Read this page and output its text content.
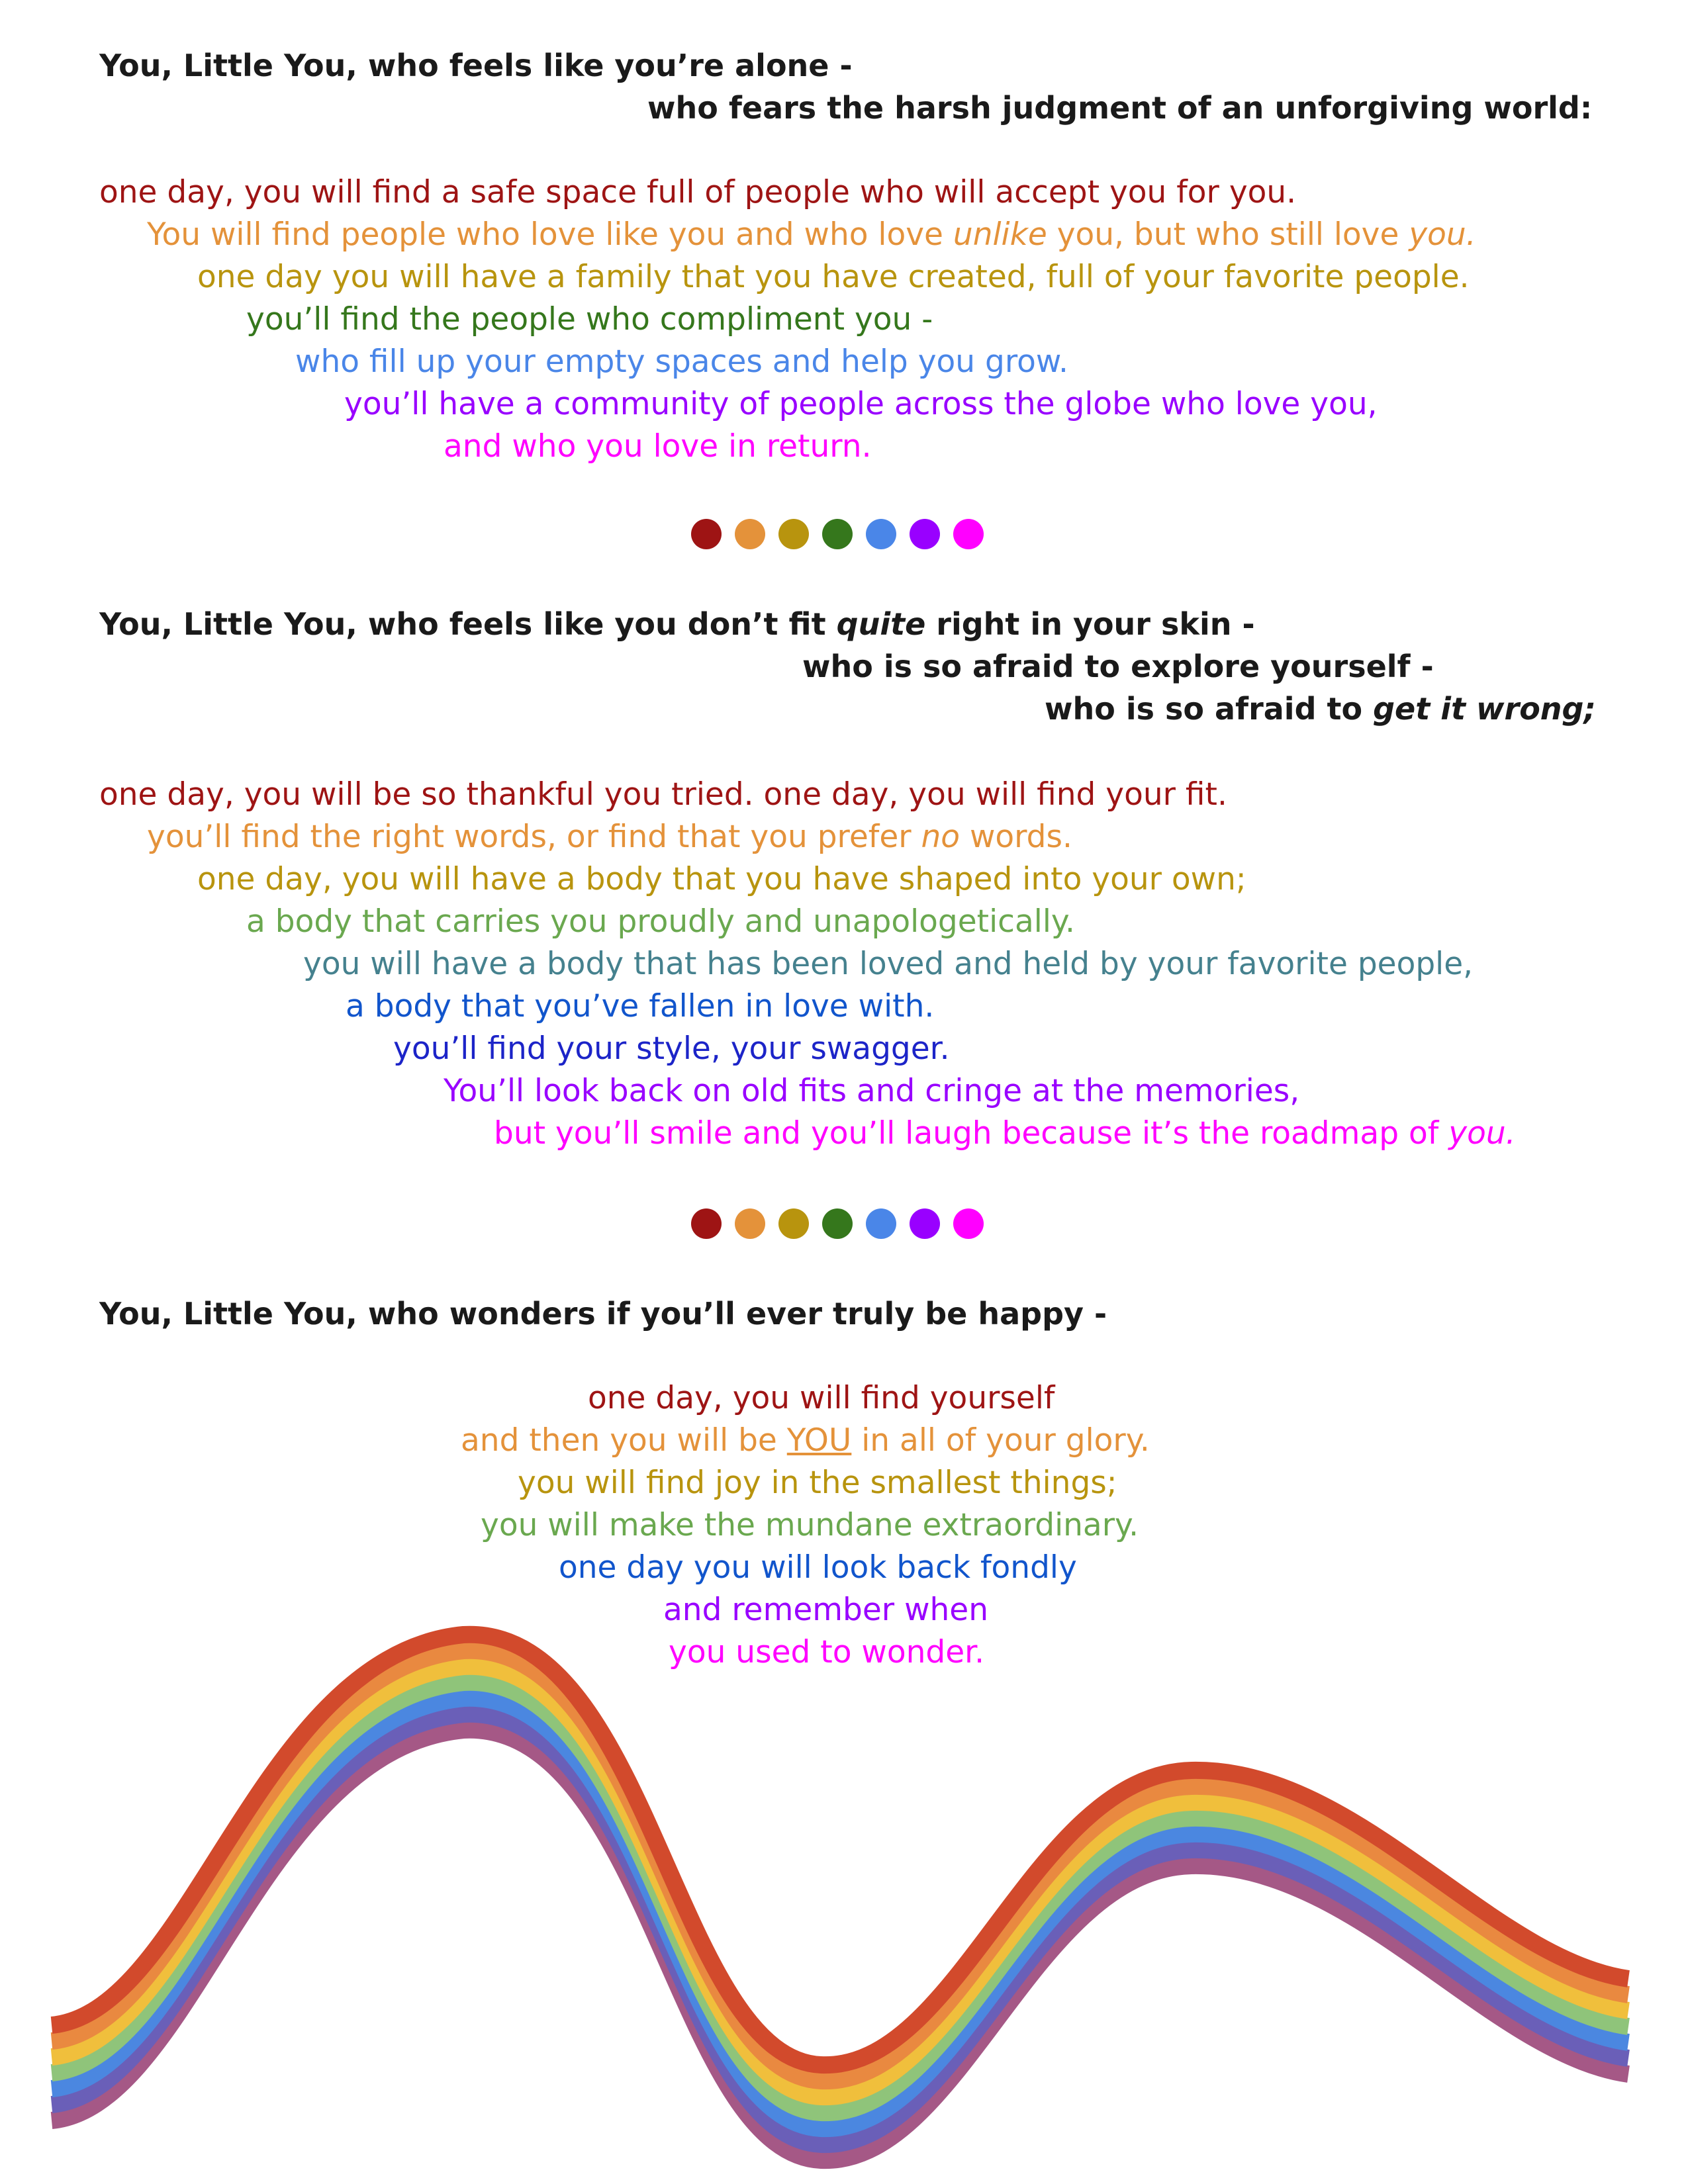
You, Little You, who feels like you’re alone -
who fears the harsh judgment of an unforgiving world:
one day, you will find a safe space full of people who will accept you for you.
You will find people who love like you and who love unlike you, but who still love you.
one day you will have a family that you have created, full of your favorite people.
you’ll find the people who compliment you -
who fill up your empty spaces and help you grow.
you’ll have a community of people across the globe who love you,
and who you love in return.
You, Little You, who feels like you don’t fit quite right in your skin -
who is so afraid to explore yourself -
who is so afraid to get it wrong;
one day, you will be so thankful you tried. one day, you will find your fit.
you’ll find the right words, or find that you prefer no words.
one day, you will have a body that you have shaped into your own;
a body that carries you proudly and unapologetically.
you will have a body that has been loved and held by your favorite people,
a body that you’ve fallen in love with.
you’ll find your style, your swagger.
You’ll look back on old fits and cringe at the memories,
but you’ll smile and you’ll laugh because it’s the roadmap of you.
You, Little You, who wonders if you’ll ever truly be happy -
one day, you will find yourself
and then you will be YOU in all of your glory.
you will find joy in the smallest things;
you will make the mundane extraordinary.
one day you will look back fondly
and remember when
you used to wonder.
